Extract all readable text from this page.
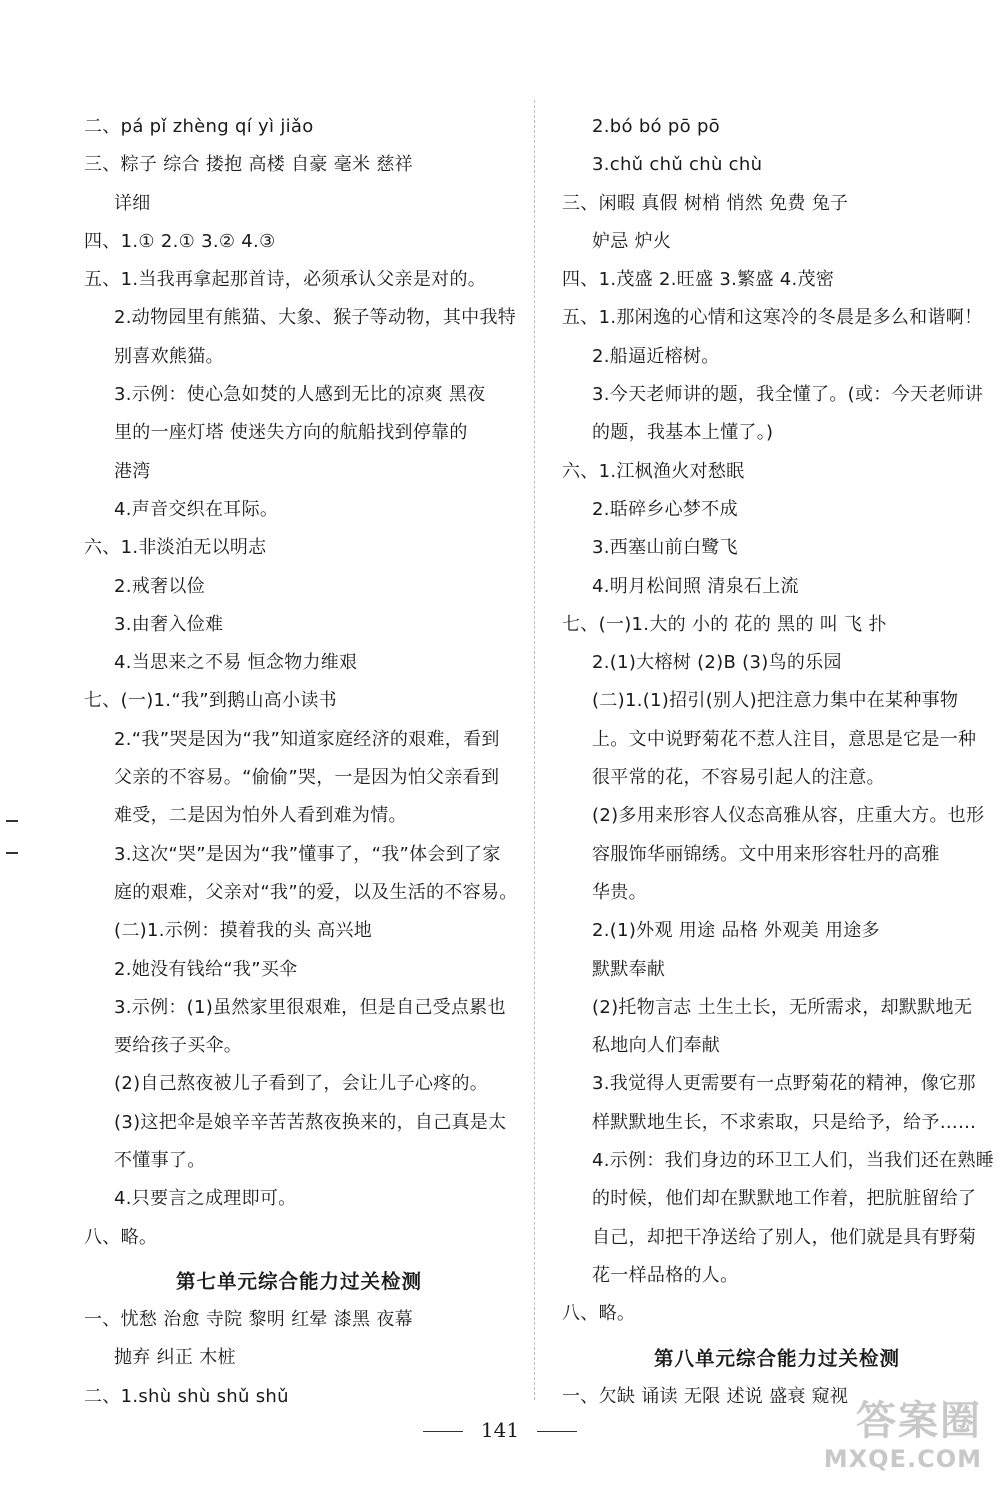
二、pá pǐ zhèng qí yì jiǎo
三、粽子 综合 搂抱 高楼 自豪 毫米 慈祥
详细
四、1.① 2.① 3.② 4.③
五、1.当我再拿起那首诗，必须承认父亲是对的。
2.动物园里有熊猫、大象、猴子等动物，其中我特
别喜欢熊猫。
3.示例：使心急如焚的人感到无比的凉爽 黑夜
里的一座灯塔 使迷失方向的航船找到停靠的
港湾
4.声音交织在耳际。
六、1.非淡泊无以明志
2.戒奢以俭
3.由奢入俭难
4.当思来之不易 恒念物力维艰
七、(一)1.“我”到鹅山高小读书
2.“我”哭是因为“我”知道家庭经济的艰难，看到
父亲的不容易。“偷偷”哭，一是因为怕父亲看到
难受，二是因为怕外人看到难为情。
3.这次“哭”是因为“我”懂事了，“我”体会到了家
庭的艰难，父亲对“我”的爱，以及生活的不容易。
(二)1.示例：摸着我的头 高兴地
2.她没有钱给“我”买伞
3.示例：(1)虽然家里很艰难，但是自己受点累也
要给孩子买伞。
(2)自己熬夜被儿子看到了，会让儿子心疼的。
(3)这把伞是娘辛辛苦苦熬夜换来的，自己真是太
不懂事了。
4.只要言之成理即可。
八、略。
第七单元综合能力过关检测
一、忧愁 治愈 寺院 黎明 红晕 漆黑 夜幕
抛弃 纠正 木桩
二、1.shù shù shǔ shǔ
2.bó bó pō pō
3.chǔ chǔ chù chù
三、闲暇 真假 树梢 悄然 免费 兔子
妒忌 炉火
四、1.茂盛 2.旺盛 3.繁盛 4.茂密
五、1.那闲逸的心情和这寒冷的冬晨是多么和谐啊！
2.船逼近榕树。
3.今天老师讲的题，我全懂了。(或：今天老师讲
的题，我基本上懂了。)
六、1.江枫渔火对愁眠
2.聒碎乡心梦不成
3.西塞山前白鹭飞
4.明月松间照 清泉石上流
七、(一)1.大的 小的 花的 黑的 叫 飞 扑
2.(1)大榕树 (2)B (3)鸟的乐园
(二)1.(1)招引(别人)把注意力集中在某种事物
上。文中说野菊花不惹人注目，意思是它是一种
很平常的花，不容易引起人的注意。
(2)多用来形容人仪态高雅从容，庄重大方。也形
容服饰华丽锦绣。文中用来形容牡丹的高雅
华贵。
2.(1)外观 用途 品格 外观美 用途多
默默奉献
(2)托物言志 土生土长，无所需求，却默默地无
私地向人们奉献
3.我觉得人更需要有一点野菊花的精神，像它那
样默默地生长，不求索取，只是给予，给予……
4.示例：我们身边的环卫工人们，当我们还在熟睡
的时候，他们却在默默地工作着，把肮脏留给了
自己，却把干净送给了别人，他们就是具有野菊
花一样品格的人。
八、略。
第八单元综合能力过关检测
一、欠缺 诵读 无限 述说 盛衰 窥视
141	答案圈
MXQE.COM
